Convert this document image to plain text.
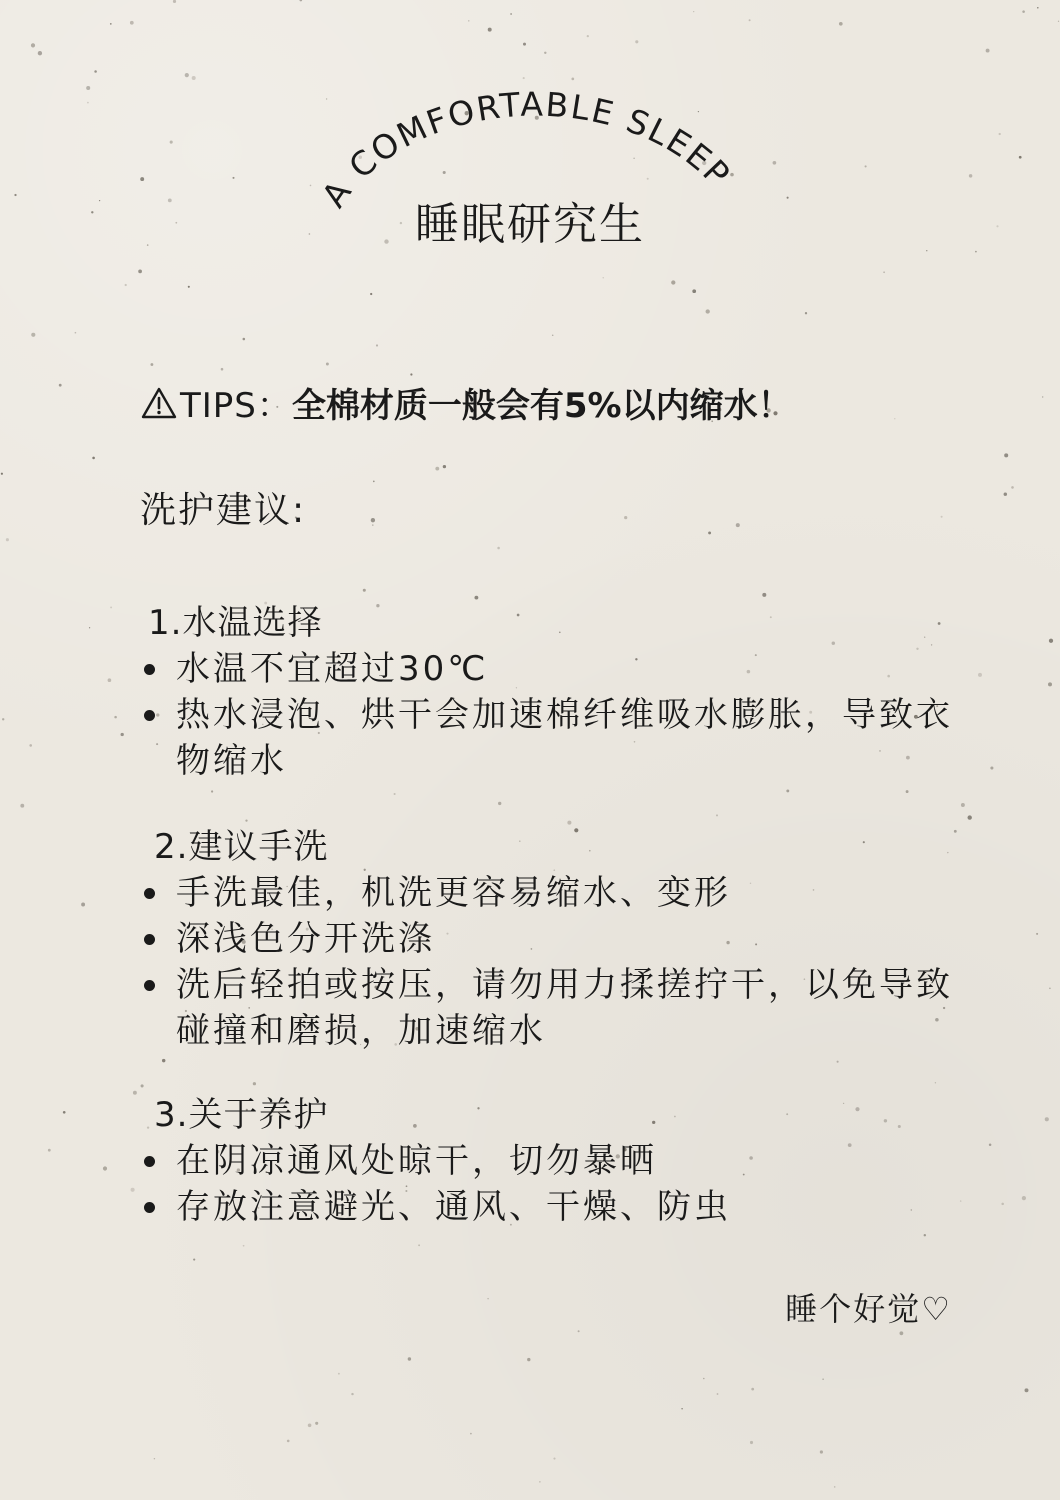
A COMFORTABLE SLEEP
睡眠研究生
TIPS： 全棉材质一般会有5%以内缩水！
洗护建议:
1.水温选择
水温不宜超过30℃
热水浸泡、烘干会加速棉纤维吸水膨胀，导致衣物缩水
2.建议手洗
手洗最佳，机洗更容易缩水、变形
深浅色分开洗涤
洗后轻拍或按压，请勿用力揉搓拧干，以免导致碰撞和磨损，加速缩水
3.关于养护
在阴凉通风处晾干，切勿暴晒
存放注意避光、通风、干燥、防虫
睡个好觉♡
